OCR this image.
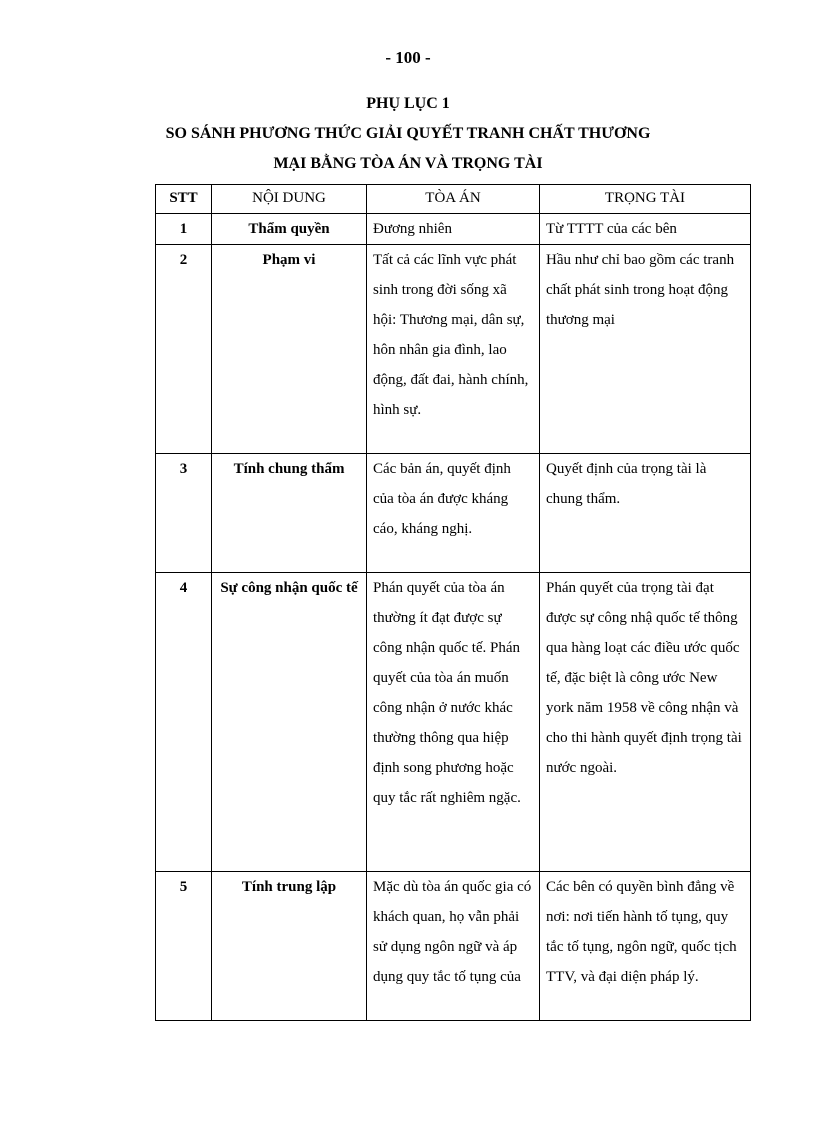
- 100 -
PHỤ LỤC 1
SO SÁNH PHƯƠNG THỨC GIẢI QUYẾT TRANH CHẤT THƯƠNG
MẠI BẰNG TÒA ÁN VÀ TRỌNG TÀI
STT	NỘI DUNG	TÒA ÁN	TRỌNG TÀI
1	Thẩm quyền	Đương nhiên	Từ TTTT của các bên
2	Phạm vi	Tất cả các lĩnh vực phát sinh trong đời sống xã hội: Thương mại, dân sự, hôn nhân gia đình, lao động, đất đai, hành chính, hình sự.	Hầu như chỉ bao gồm các tranh chất phát sinh trong hoạt động thương mại
3	Tính chung thẩm	Các bản án, quyết định của tòa án được kháng cáo, kháng nghị.	Quyết định của trọng tài là chung thẩm.
4	Sự công nhận quốc tế	Phán quyết của tòa án thường ít đạt được sự công nhận quốc tế. Phán quyết của tòa án muốn công nhận ở nước khác thường thông qua hiệp định song phương hoặc quy tắc rất nghiêm ngặc.	Phán quyết của trọng tài đạt được sự công nhậ quốc tế thông qua hàng loạt các điều ước quốc tế, đặc biệt là công ước New york năm 1958 về công nhận và cho thi hành quyết định trọng tài nước ngoài.
5	Tính trung lập	Mặc dù tòa án quốc gia có khách quan, họ vẫn phải sử dụng ngôn ngữ và áp dụng quy tắc tố tụng của	Các bên có quyền bình đẳng về nơi: nơi tiến hành tố tụng, quy tắc tố tụng, ngôn ngữ, quốc tịch TTV, và đại diện pháp lý.
